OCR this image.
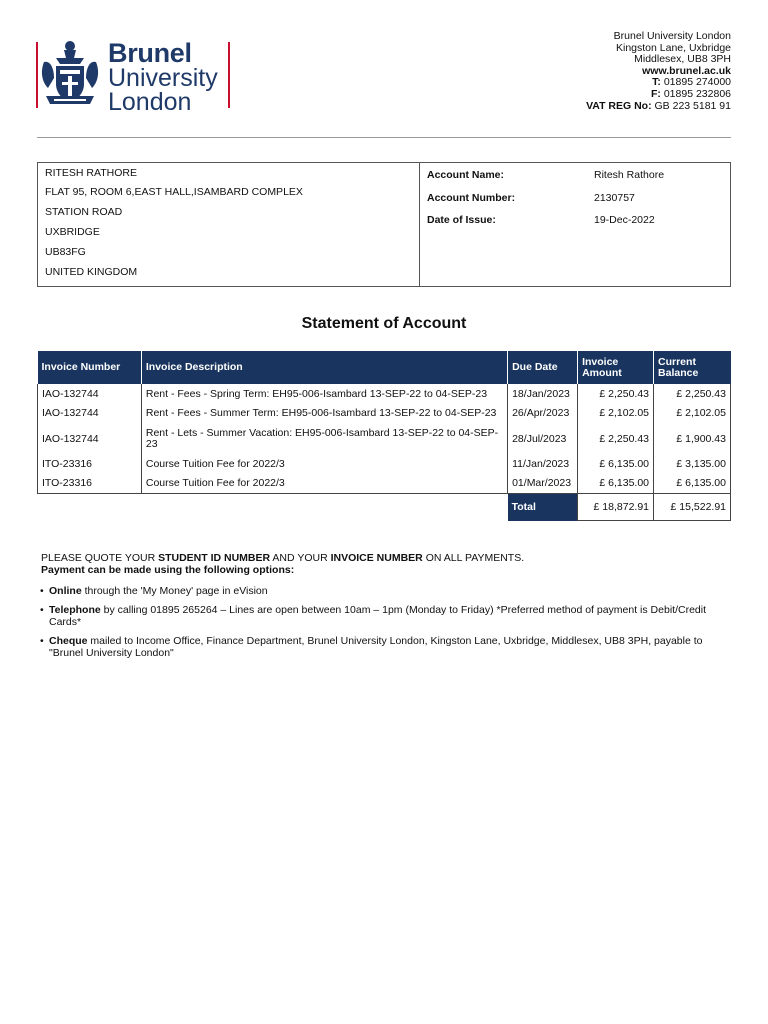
Brunel
University
London
Brunel University London
Kingston Lane, Uxbridge
Middlesex, UB8 3PH
www.brunel.ac.uk
T: 01895 274000
F: 01895 232806
VAT REG No: GB 223 5181 91
RITESH RATHORE
FLAT 95, ROOM 6,EAST HALL,ISAMBARD COMPLEX
STATION ROAD
UXBRIDGE
UB83FG
UNITED KINGDOM
Account Name:	Ritesh Rathore
Account Number:	2130757
Date of Issue:	19-Dec-2022
Statement of Account
Invoice Number	Invoice Description	Due Date	Invoice Amount	Current Balance
IAO-132744	Rent - Fees - Spring Term: EH95-006-Isambard 13-SEP-22 to 04-SEP-23	18/Jan/2023	£ 2,250.43	£ 2,250.43
IAO-132744	Rent - Fees - Summer Term: EH95-006-Isambard 13-SEP-22 to 04-SEP-23	26/Apr/2023	£ 2,102.05	£ 2,102.05
IAO-132744	Rent - Lets - Summer Vacation: EH95-006-Isambard 13-SEP-22 to 04-SEP-23	28/Jul/2023	£ 2,250.43	£ 1,900.43
ITO-23316	Course Tuition Fee for 2022/3	11/Jan/2023	£ 6,135.00	£ 3,135.00
ITO-23316	Course Tuition Fee for 2022/3	01/Mar/2023	£ 6,135.00	£ 6,135.00
		Total	£ 18,872.91	£ 15,522.91
PLEASE QUOTE YOUR STUDENT ID NUMBER AND YOUR INVOICE NUMBER ON ALL PAYMENTS.
Payment can be made using the following options:
• Online through the 'My Money' page in eVision
• Telephone by calling 01895 265264 – Lines are open between 10am – 1pm (Monday to Friday) *Preferred method of payment is Debit/Credit Cards*
• Cheque mailed to Income Office, Finance Department, Brunel University London, Kingston Lane, Uxbridge, Middlesex, UB8 3PH, payable to "Brunel University London"
